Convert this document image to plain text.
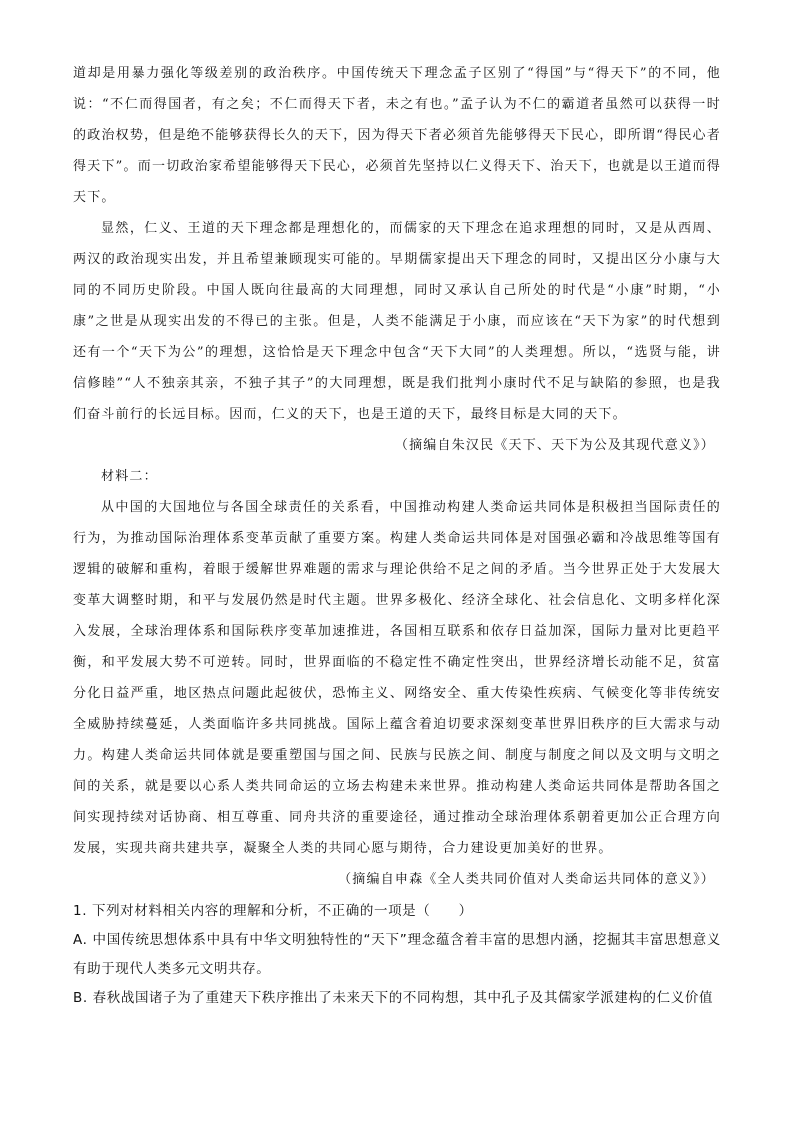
道却是用暴力强化等级差别的政治秩序。中国传统天下理念孟子区别了“得国”与“得天下”的不同，他说：“不仁而得国者，有之矣；不仁而得天下者，未之有也。”孟子认为不仁的霸道者虽然可以获得一时的政治权势，但是绝不能够获得长久的天下，因为得天下者必须首先能够得天下民心，即所谓“得民心者得天下”。而一切政治家希望能够得天下民心，必须首先坚持以仁义得天下、治天下，也就是以王道而得天下。

显然，仁义、王道的天下理念都是理想化的，而儒家的天下理念在追求理想的同时，又是从西周、两汉的政治现实出发，并且希望兼顾现实可能的。早期儒家提出天下理念的同时，又提出区分小康与大同的不同历史阶段。中国人既向往最高的大同理想，同时又承认自己所处的时代是“小康”时期，“小康”之世是从现实出发的不得已的主张。但是，人类不能满足于小康，而应该在“天下为家”的时代想到还有一个“天下为公”的理想，这恰恰是天下理念中包含“天下大同”的人类理想。所以，“选贤与能，讲信修睦”“人不独亲其亲，不独子其子”的大同理想，既是我们批判小康时代不足与缺陷的参照，也是我们奋斗前行的长远目标。因而，仁义的天下，也是王道的天下，最终目标是大同的天下。

（摘编自朱汉民《天下、天下为公及其现代意义》）

材料二：

从中国的大国地位与各国全球责任的关系看，中国推动构建人类命运共同体是积极担当国际责任的行为，为推动国际治理体系变革贡献了重要方案。构建人类命运共同体是对国强必霸和冷战思维等国有逻辑的破解和重构，着眼于缓解世界难题的需求与理论供给不足之间的矛盾。当今世界正处于大发展大变革大调整时期，和平与发展仍然是时代主题。世界多极化、经济全球化、社会信息化、文明多样化深入发展，全球治理体系和国际秩序变革加速推进，各国相互联系和依存日益加深，国际力量对比更趋平衡，和平发展大势不可逆转。同时，世界面临的不稳定性不确定性突出，世界经济增长动能不足，贫富分化日益严重，地区热点问题此起彼伏，恐怖主义、网络安全、重大传染性疾病、气候变化等非传统安全威胁持续蔓延，人类面临许多共同挑战。国际上蕴含着迫切要求深刻变革世界旧秩序的巨大需求与动力。构建人类命运共同体就是要重塑国与国之间、民族与民族之间、制度与制度之间以及文明与文明之间的关系，就是要以心系人类共同命运的立场去构建未来世界。推动构建人类命运共同体是帮助各国之间实现持续对话协商、相互尊重、同舟共济的重要途径，通过推动全球治理体系朝着更加公正合理方向发展，实现共商共建共享，凝聚全人类的共同心愿与期待，合力建设更加美好的世界。

（摘编自申森《全人类共同价值对人类命运共同体的意义》）

1. 下列对材料相关内容的理解和分析，不正确的一项是（　　）

A. 中国传统思想体系中具有中华文明独特性的“天下”理念蕴含着丰富的思想内涵，挖掘其丰富思想意义有助于现代人类多元文明共存。

B. 春秋战国诸子为了重建天下秩序推出了未来天下的不同构想，其中孔子及其儒家学派建构的仁义价值
